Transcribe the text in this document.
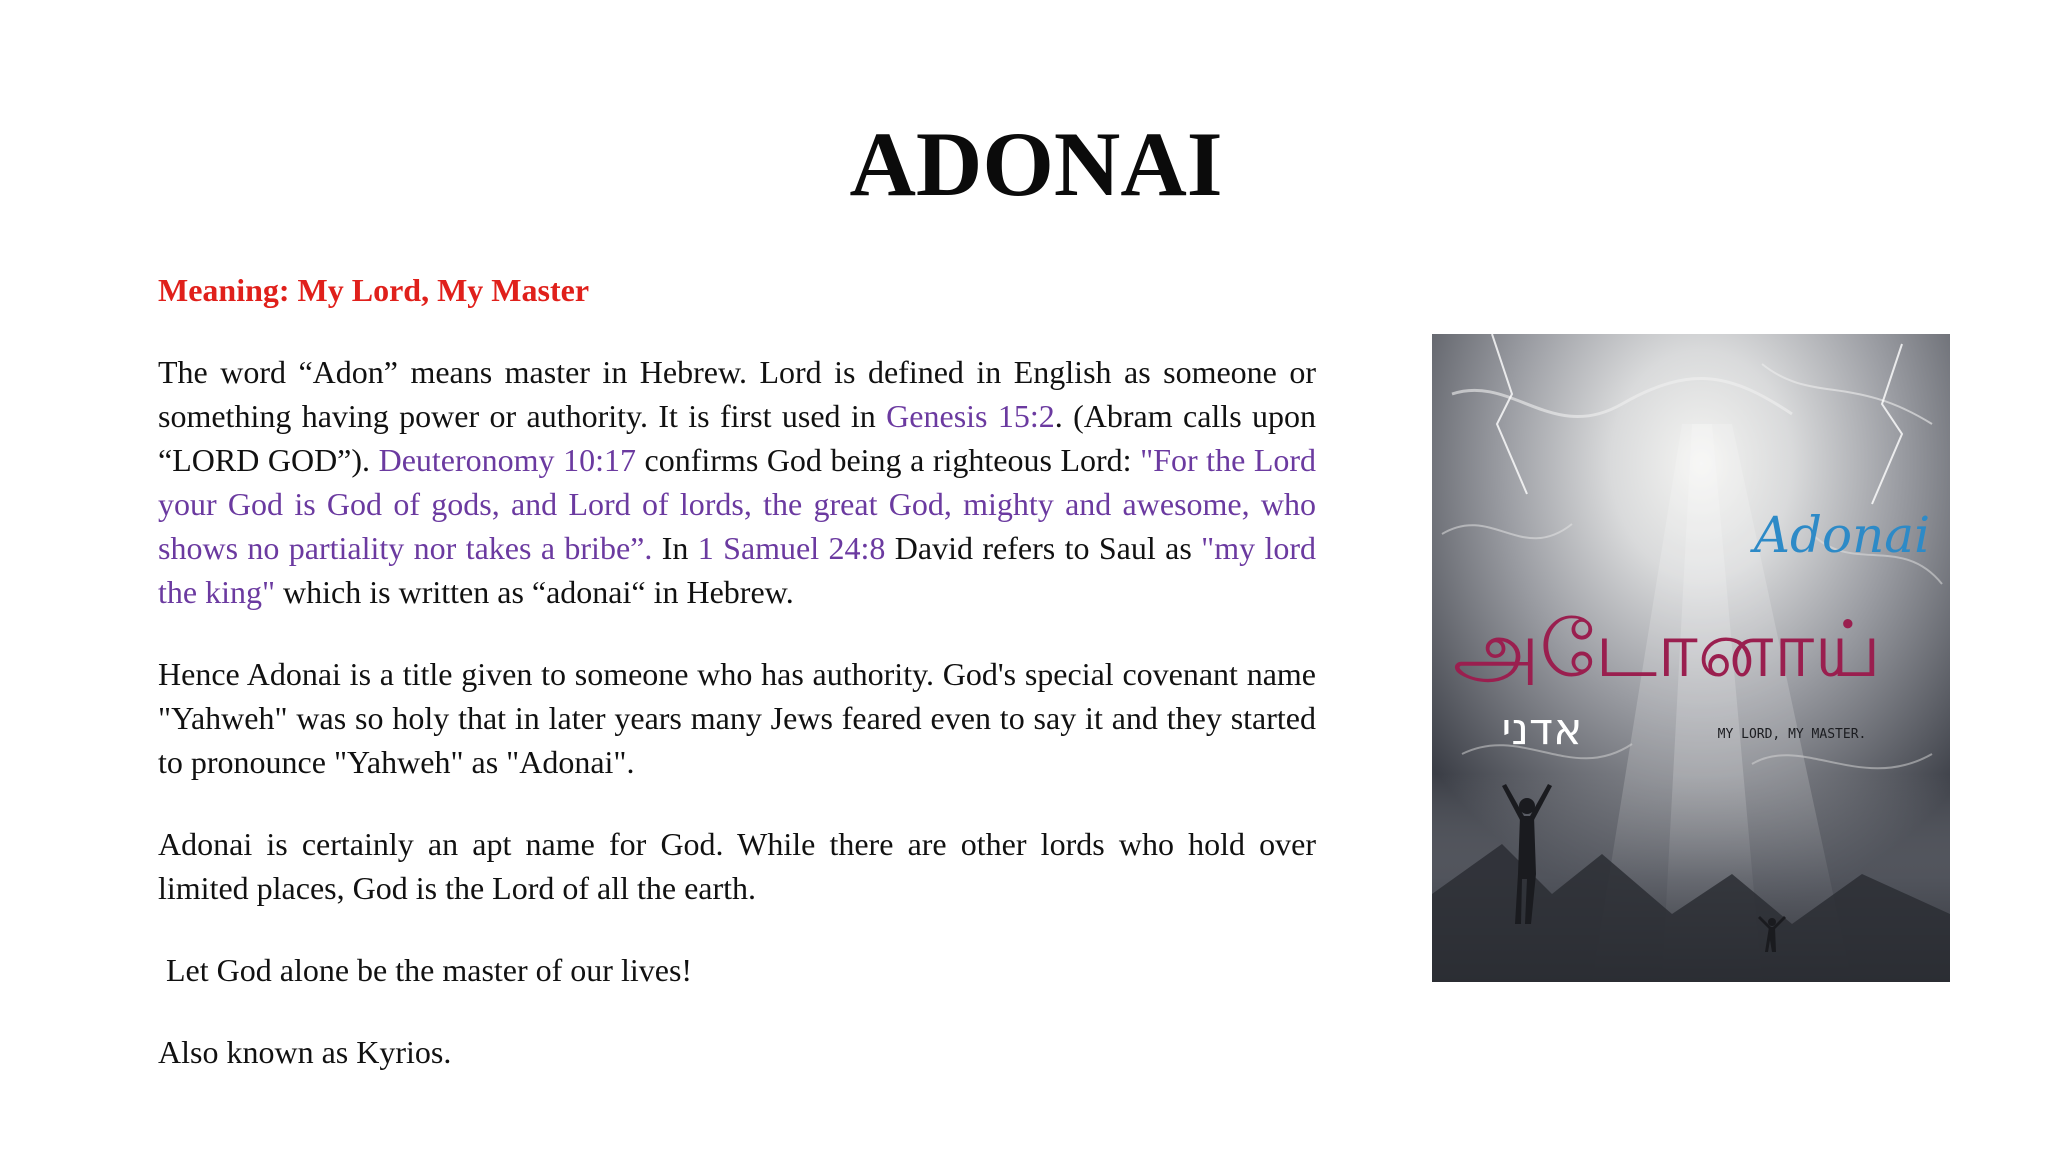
ADONAI

Meaning: My Lord, My Master

The word “Adon” means master in Hebrew. Lord is defined in English as someone or something having power or authority. It is first used in Genesis 15:2. (Abram calls upon “LORD GOD”). Deuteronomy 10:17 confirms God being a righteous Lord: "For the Lord your God is God of gods, and Lord of lords, the great God, mighty and awesome, who shows no partiality nor takes a bribe”. In 1 Samuel 24:8 David refers to Saul as "my lord the king" which is written as “adonai“ in Hebrew.

Hence Adonai is a title given to someone who has authority. God's special covenant name "Yahweh" was so holy that in later years many Jews feared even to say it and they started to pronounce "Yahweh" as "Adonai".

Adonai is certainly an apt name for God. While there are other lords who hold over limited places, God is the Lord of all the earth.

Let God alone be the master of our lives!

Also known as Kyrios.

Adonai
அடோனாய்
אדני	MY LORD, MY MASTER.
